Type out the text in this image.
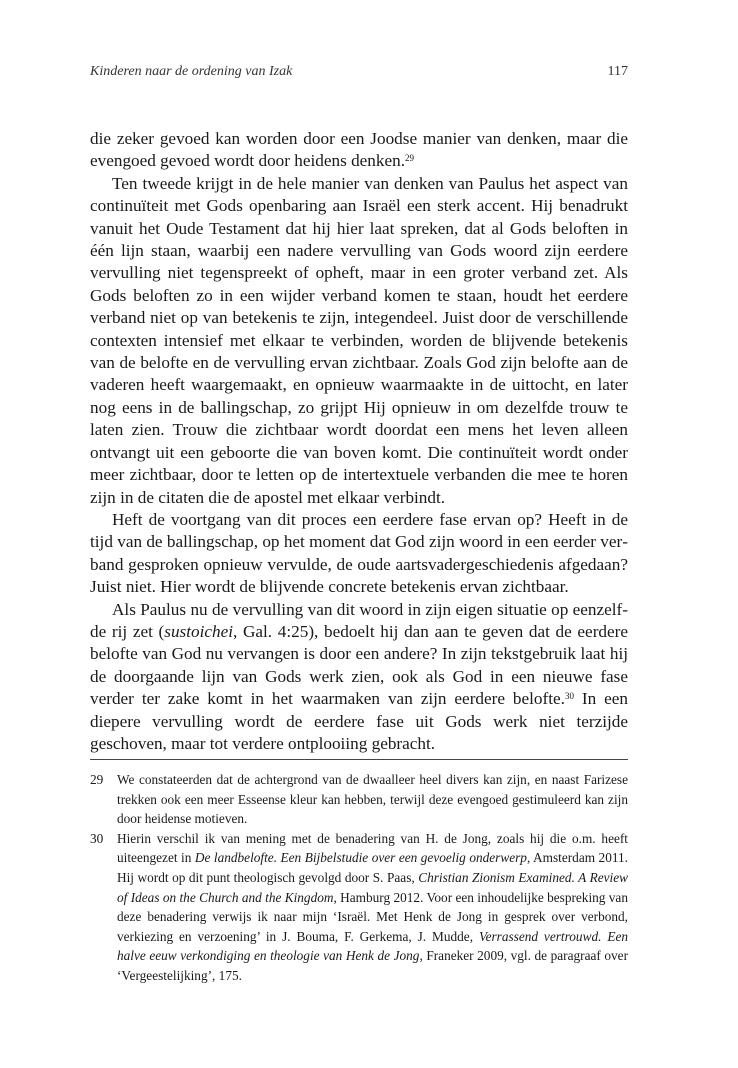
Kinderen naar de ordening van Izak	117

die zeker gevoed kan worden door een Joodse manier van denken, maar die evengoed gevoed wordt door heidens denken.$^{29}$

Ten tweede krijgt in de hele manier van denken van Paulus het aspect van continuïteit met Gods openbaring aan Israël een sterk accent. Hij benadrukt vanuit het Oude Testament dat hij hier laat spreken, dat al Gods beloften in één lijn staan, waarbij een nadere vervulling van Gods woord zijn eerdere vervulling niet tegenspreekt of opheft, maar in een groter verband zet. Als Gods beloften zo in een wijder verband komen te staan, houdt het eerdere verband niet op van betekenis te zijn, integendeel. Juist door de verschillende contexten intensief met elkaar te verbinden, worden de blijvende betekenis van de belofte en de vervulling ervan zichtbaar. Zoals God zijn belofte aan de vaderen heeft waargemaakt, en opnieuw waarmaakte in de uittocht, en later nog eens in de ballingschap, zo grijpt Hij opnieuw in om dezelfde trouw te laten zien. Trouw die zichtbaar wordt doordat een mens het leven alleen ontvangt uit een geboorte die van boven komt. Die continuïteit wordt onder meer zichtbaar, door te letten op de intertextuele verbanden die mee te horen zijn in de citaten die de apostel met elkaar verbindt.

Heft de voortgang van dit proces een eerdere fase ervan op? Heeft in de tijd van de ballingschap, op het moment dat God zijn woord in een eerder verband gesproken opnieuw vervulde, de oude aartsvadergeschiedenis afgedaan? Juist niet. Hier wordt de blijvende concrete betekenis ervan zichtbaar.

Als Paulus nu de vervulling van dit woord in zijn eigen situatie op eenzelfde rij zet (sustoichei, Gal. 4:25), bedoelt hij dan aan te geven dat de eerdere belofte van God nu vervangen is door een andere? In zijn tekstgebruik laat hij de doorgaande lijn van Gods werk zien, ook als God in een nieuwe fase verder ter zake komt in het waarmaken van zijn eerdere belofte.$^{30}$ In een diepere vervulling wordt de eerdere fase uit Gods werk niet terzijde geschoven, maar tot verdere ontplooiing gebracht.

29 We constateerden dat de achtergrond van de dwaalleer heel divers kan zijn, en naast Farizese trekken ook een meer Esseense kleur kan hebben, terwijl deze evengoed gestimuleerd kan zijn door heidense motieven.

30 Hierin verschil ik van mening met de benadering van H. de Jong, zoals hij die o.m. heeft uiteengezet in De landbelofte. Een Bijbelstudie over een gevoelig onderwerp, Amsterdam 2011. Hij wordt op dit punt theologisch gevolgd door S. Paas, Christian Zionism Examined. A Review of Ideas on the Church and the Kingdom, Hamburg 2012. Voor een inhoudelijke bespreking van deze benadering verwijs ik naar mijn ‘Israël. Met Henk de Jong in gesprek over verbond, verkiezing en verzoening’ in J. Bouma, F. Gerkema, J. Mudde, Verrassend vertrouwd. Een halve eeuw verkondiging en theologie van Henk de Jong, Franeker 2009, vgl. de paragraaf over ‘Vergeestelijking’, 175.
